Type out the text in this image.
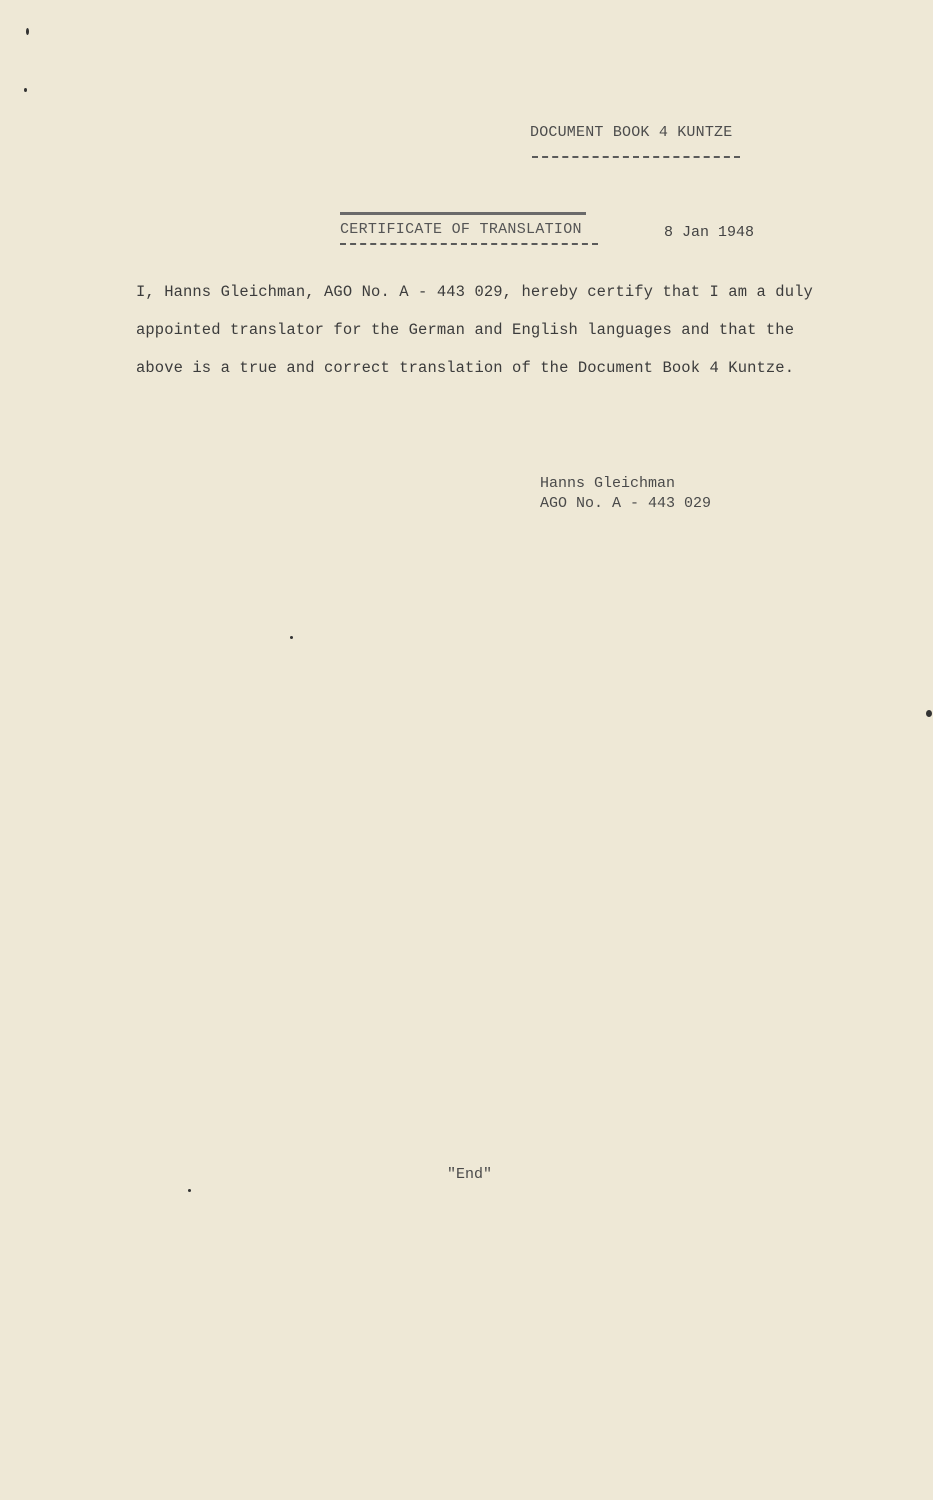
DOCUMENT BOOK 4 KUNTZE
CERTIFICATE OF TRANSLATION	8 Jan 1948
I, Hanns Gleichman, AGO No. A - 443 029, hereby certify that I am a duly
appointed translator for the German and English languages and that the
above is a true and correct translation of the Document Book 4 Kuntze.
Hanns Gleichman
AGO No. A - 443 029
"End"
